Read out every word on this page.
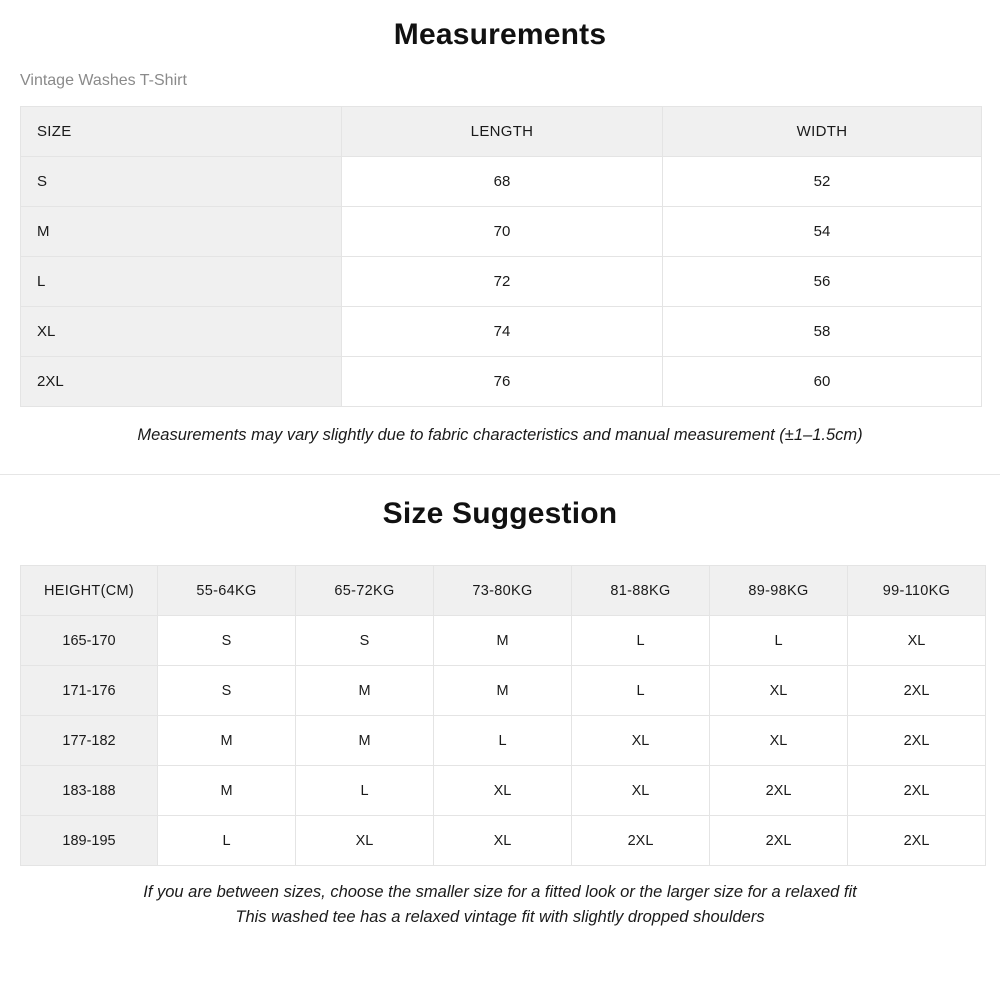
Measurements

Vintage Washes T-Shirt

SIZE	LENGTH	WIDTH
S	68	52
M	70	54
L	72	56
XL	74	58
2XL	76	60

Measurements may vary slightly due to fabric characteristics and manual measurement (±1–1.5cm)

Size Suggestion
HEIGHT(CM)	55-64KG	65-72KG	73-80KG	81-88KG	89-98KG	99-110KG
165-170	S	S	M	L	L	XL
171-176	S	M	M	L	XL	2XL
177-182	M	M	L	XL	XL	2XL
183-188	M	L	XL	XL	2XL	2XL
189-195	L	XL	XL	2XL	2XL	2XL

If you are between sizes, choose the smaller size for a fitted look or the larger size for a relaxed fit

This washed tee has a relaxed vintage fit with slightly dropped shoulders
